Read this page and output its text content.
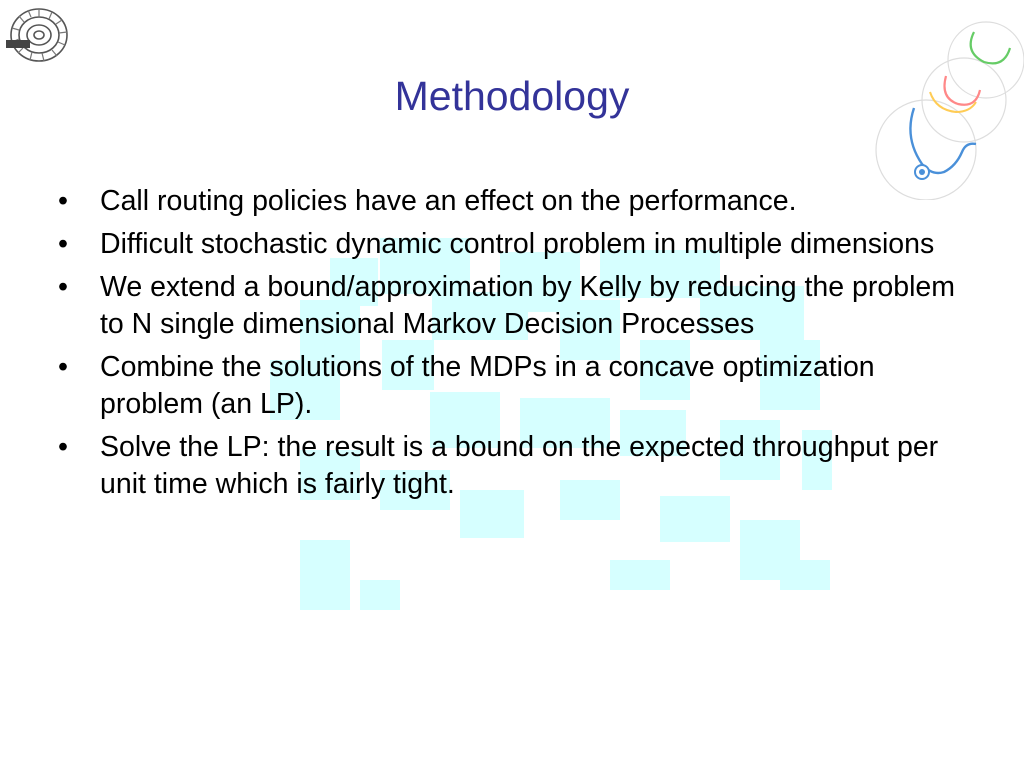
Methodology
• Call routing policies have an effect on the performance.
• Difficult stochastic dynamic control problem in multiple dimensions
• We extend a bound/approximation by Kelly by reducing the problem to N single dimensional Markov Decision Processes
• Combine the solutions of the MDPs in a concave optimization problem (an LP).
• Solve the LP: the result is a bound on the expected throughput per unit time which is fairly tight.
